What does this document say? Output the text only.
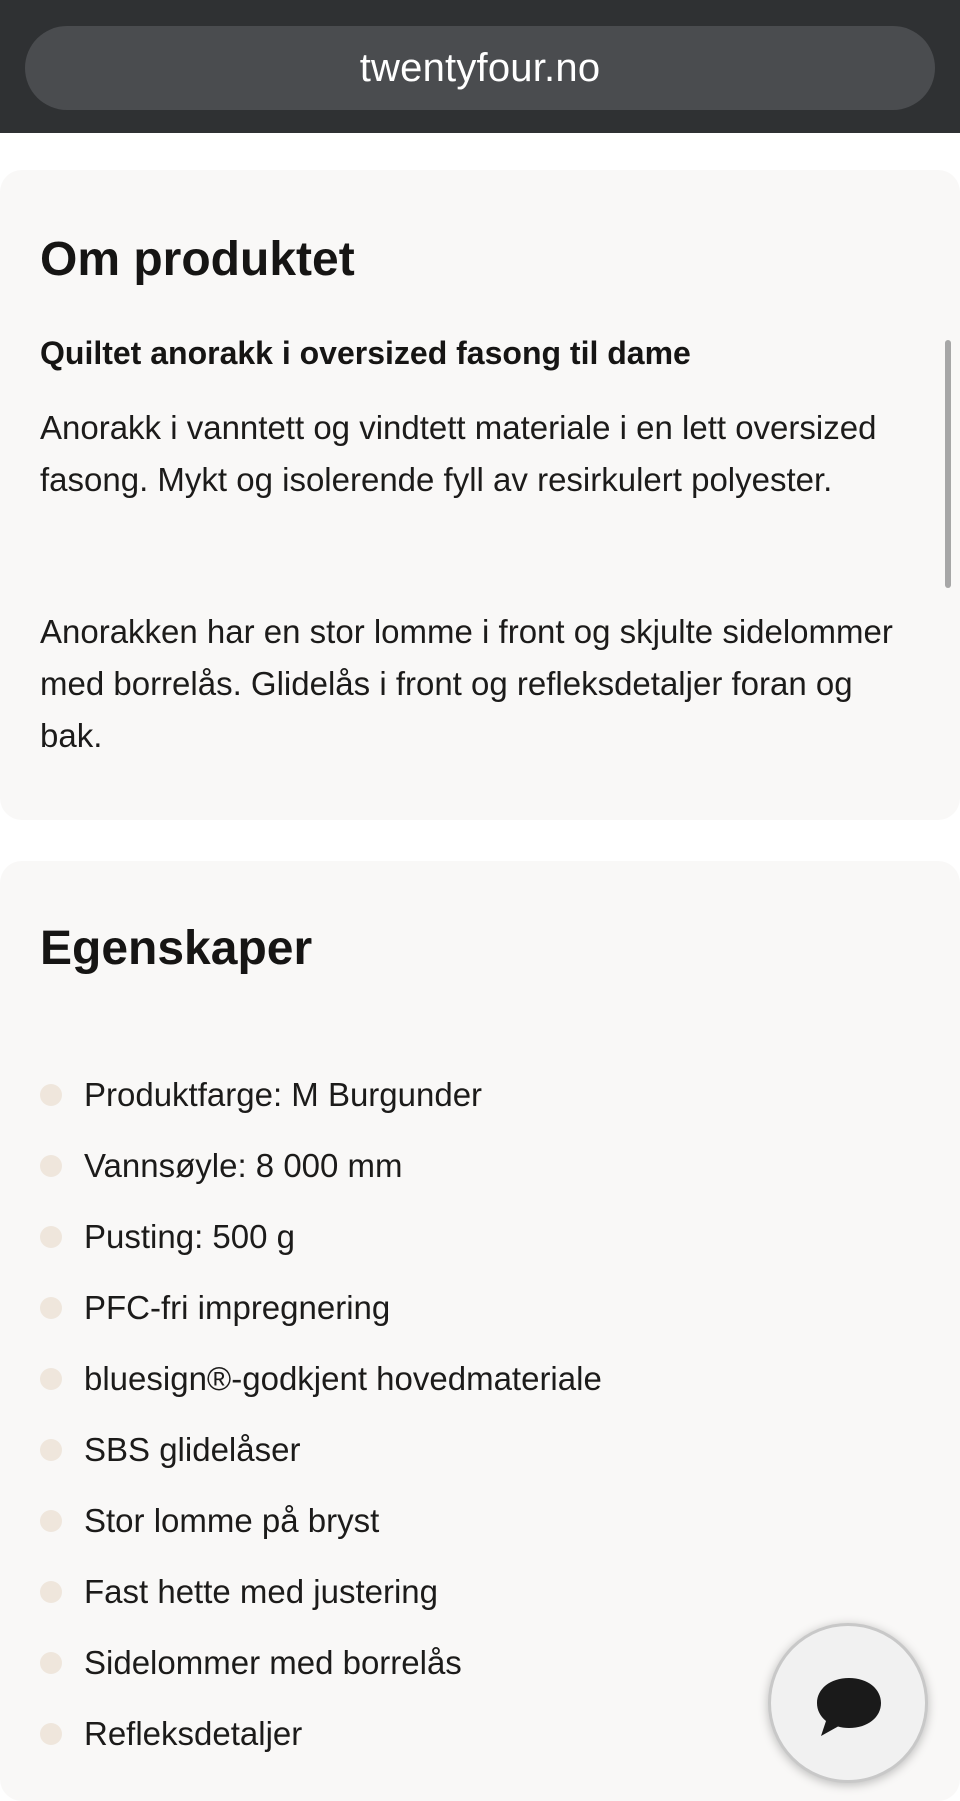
twentyfour.no
Om produktet
Quiltet anorakk i oversized fasong til dame

Anorakk i vanntett og vindtett materiale i en lett oversized fasong. Mykt og isolerende fyll av resirkulert polyester.

Anorakken har en stor lomme i front og skjulte sidelommer med borrelås. Glidelås i front og refleksdetaljer foran og bak.

Egenskaper
Produktfarge: M Burgunder
Vannsøyle: 8 000 mm
Pusting: 500 g
PFC-fri impregnering
bluesign®-godkjent hovedmateriale
SBS glidelåser
Stor lomme på bryst
Fast hette med justering
Sidelommer med borrelås
Refleksdetaljer
